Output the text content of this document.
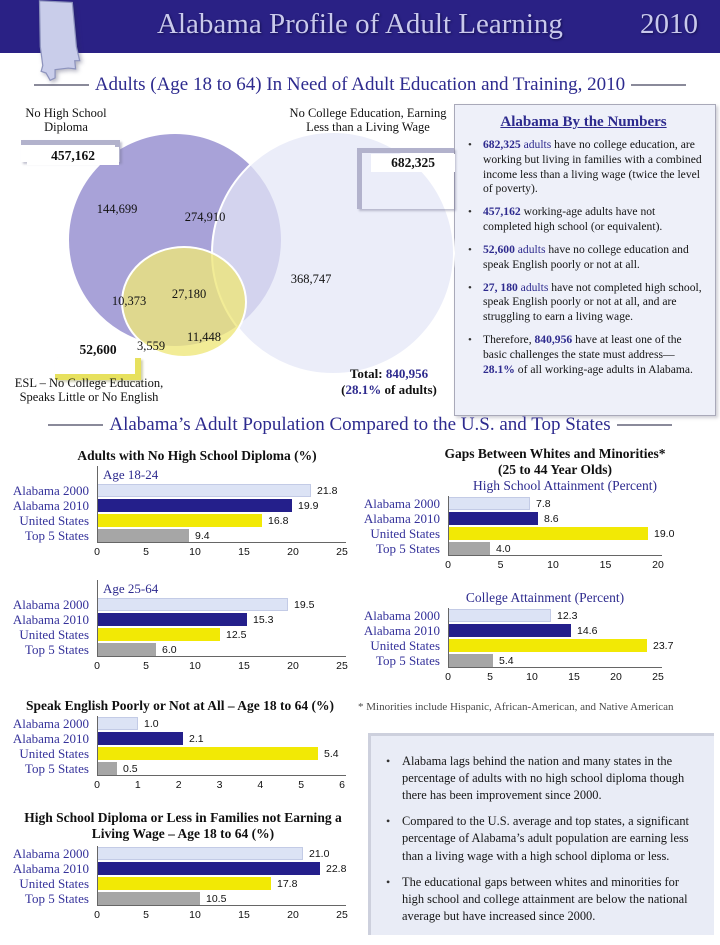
Alabama Profile of Adult Learning	2010
Adults (Age 18 to 64) In Need of Adult Education and Training, 2010
No High School
Diploma
No College Education, Earning
Less than a Living Wage
457,162	682,325
144,699
274,910
368,747
10,373	27,180
11,448
3,559
52,600
ESL – No College Education,
Speaks Little or No English
Total: 840,956
(28.1% of adults)
Alabama By the Numbers
• 682,325 adults have no college education, are working but living in families with a combined income less than a living wage (twice the level of poverty).
• 457,162 working-age adults have not completed high school (or equivalent).
• 52,600 adults have no college education and speak English poorly or not at all.
• 27, 180 adults have not completed high school, speak English poorly or not at all, and are struggling to earn a living wage.
• Therefore, 840,956 have at least one of the basic challenges the state must address—28.1% of all working-age adults in Alabama.
Alabama’s Adult Population Compared to the U.S. and Top States
Adults with No High School Diploma (%)	Gaps Between Whites and Minorities*
(25 to 44 Year Olds)
High School Attainment (Percent)
College Attainment (Percent)
Speak English Poorly or Not at All – Age 18 to 64 (%)
High School Diploma or Less in Families not Earning a
Living Wage – Age 18 to 64 (%)
Age 18-24
Alabama 2000	21.8
Alabama 2010	19.9
United States	16.8
Top 5 States	9.4
0	5	10	15	20	25
Age 25-64
Alabama 2000	19.5
Alabama 2010	15.3
United States	12.5
Top 5 States	6.0
0	5	10	15	20	25
Alabama 2000	7.8
Alabama 2010	8.6
United States	19.0
Top 5 States	4.0
0	5	10	15	20
Alabama 2000	12.3
Alabama 2010	14.6
United States	23.7
Top 5 States	5.4
0	5	10	15	20	25
Alabama 2000	1.0
Alabama 2010	2.1
United States	5.4
Top 5 States	0.5
0	1	2	3	4	5	6
Alabama 2000	21.0
Alabama 2010	22.8
United States	17.8
Top 5 States	10.5
0	5	10	15	20	25
* Minorities include Hispanic, African-American, and Native American
• Alabama lags behind the nation and many states in the percentage of adults with no high school diploma though there has been improvement since 2000.
• Compared to the U.S. average and top states, a significant percentage of Alabama’s adult population are earning less than a living wage with a high school diploma or less.
• The educational gaps between whites and minorities for high school and college attainment are below the national average but have increased since 2000.
